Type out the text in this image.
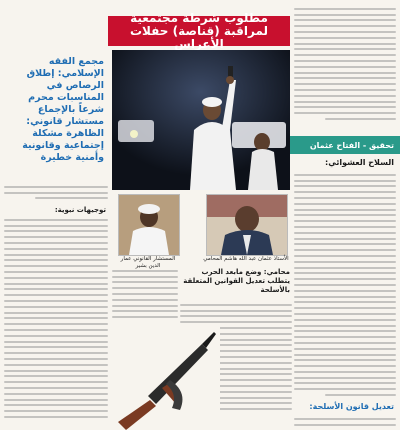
مطلوب شرطة مجتمعية لمراقبة (قناصة) حفلات الأعراس
تحقيق - الفتاح عثمان
السلاح العشوائي:
تعديل قانون الأسلحة:
مجمع الفقه الإسلامي: إطلاق الرصاص في المناسبات محرم شرعاً بالإجماع
مستشار قانوني: الظاهرة مشكلة إجتماعية وقانونية وأمنية خطيرة
توجيهات نبوية:
المستشار القانوني عمار الدين بشير
الأستاذ عثمان عبد الله هاشم المحامي
محامي: وضع مابعد الحرب يتطلب تعديل القوانين المتعلقة بالأسلحة
